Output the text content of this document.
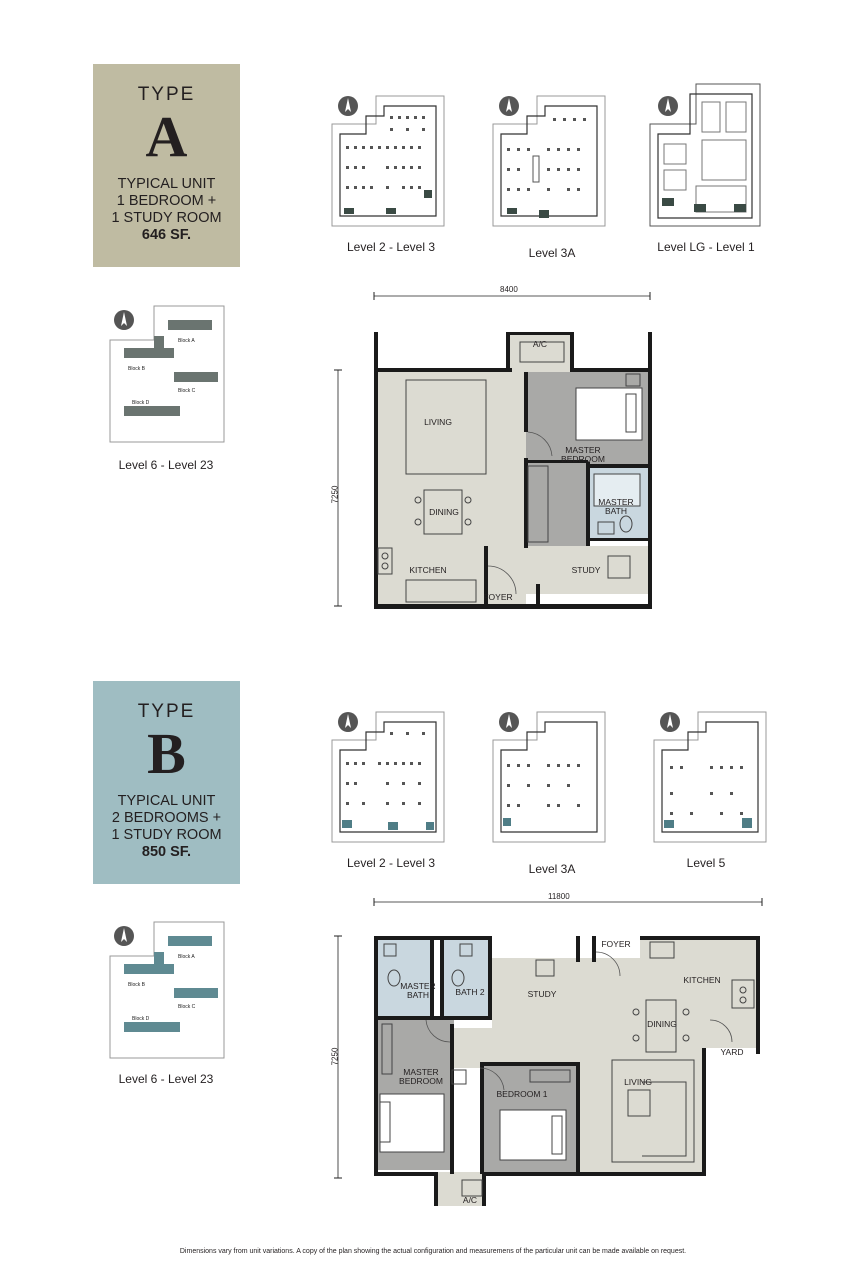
TYPE
A
TYPICAL UNIT
1 BEDROOM +
1 STUDY ROOM
646 SF.
Level 2 - Level 3	Level 3A	Level LG - Level 1
Block A
Block B
Block C
Block D
Level 6 - Level 23
8400
7250
A/C
LIVING
DINING
KITCHEN
FOYER
STUDY
MASTER
BEDROOM
MASTER
BATH
TYPE
B
TYPICAL UNIT
2 BEDROOMS +
1 STUDY ROOM
850 SF.
Level 2 - Level 3	Level 3A	Level 5
Block A
Block B
Block C
Block D
Level 6 - Level 23
11800
7250
FOYER
KITCHEN
YARD
STUDY
DINING
LIVING
BEDROOM 1
MASTER
BEDROOM
MASTER
BATH	BATH 2
A/C
Dimensions vary from unit variations. A copy of the plan showing the actual configuration and measuremens of the particular unit can be made available on request.
